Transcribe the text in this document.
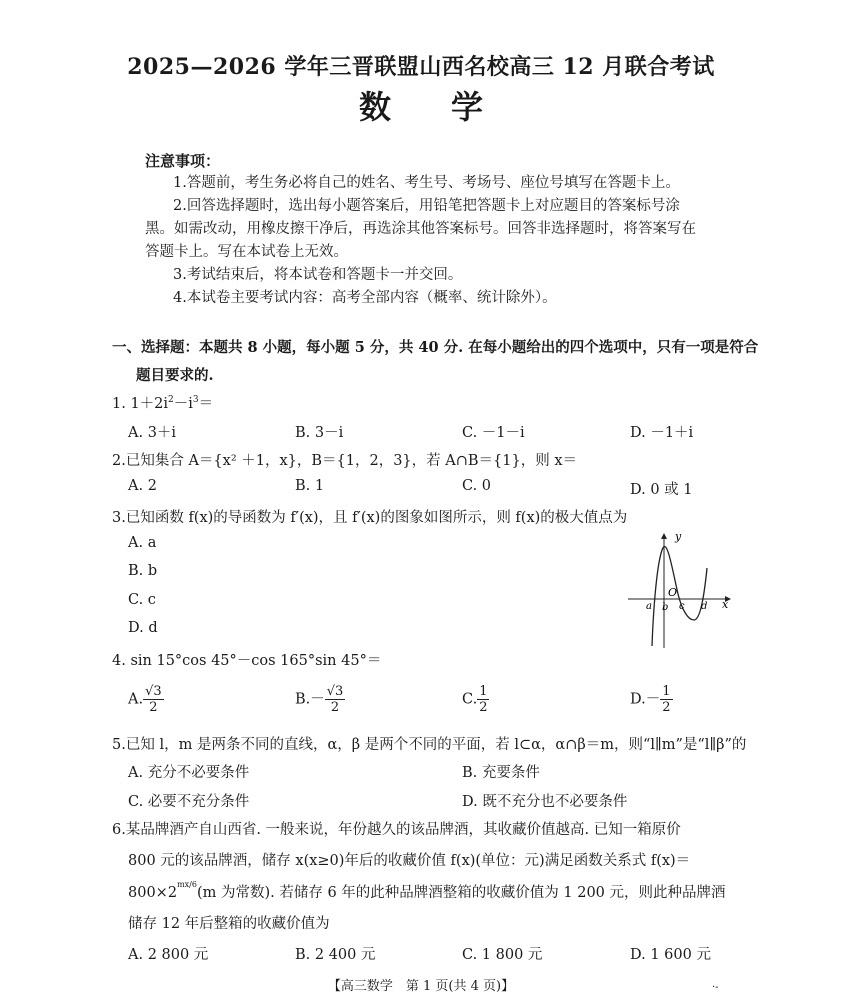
2025—2026 学年三晋联盟山西名校高三 12 月联合考试
数学
注意事项：
1.答题前，考生务必将自己的姓名、考生号、考场号、座位号填写在答题卡上。
2.回答选择题时，选出每小题答案后，用铅笔把答题卡上对应题目的答案标号涂
黑。如需改动，用橡皮擦干净后，再选涂其他答案标号。回答非选择题时，将答案写在
答题卡上。写在本试卷上无效。
3.考试结束后，将本试卷和答题卡一并交回。
4.本试卷主要考试内容：高考全部内容（概率、统计除外）。
一、选择题：本题共 8 小题，每小题 5 分，共 40 分. 在每小题给出的四个选项中，只有一项是符合
题目要求的.
1. $1+2i^2-i^3=$
A. 3＋i	B. 3－i	C. －1－i	D. －1＋i
2.已知集合 A＝{x² ＋1，x}，B＝{1，2，3}，若 A∩B＝{1}，则 x＝
A. 2	B. 1	C. 0	D. 0 或 1
3.已知函数 f(x)的导函数为 f′(x)，且 f′(x)的图象如图所示，则 f(x)的极大值点为
A. a
B. b
C. c
D. d
y
x
O
a b c d
4. sin 15°cos 45°－cos 165°sin 45°＝
A. $\frac{√3}{2}$	$B.- \frac{√3}{2}$	C. $\frac{1}{2}$	$D.- \frac{1}{2}$
5.已知 l，m 是两条不同的直线，α，β 是两个不同的平面，若 l⊂α，α∩β＝m，则“l∥m”是“l∥β”的
A. 充分不必要条件	B. 充要条件
C. 必要不充分条件	D. 既不充分也不必要条件
6.某品牌酒产自山西省. 一般来说，年份越久的该品牌酒，其收藏价值越高. 已知一箱原价
800 元的该品牌酒，储存 x(x≥0)年后的收藏价值 f(x)(单位：元)满足函数关系式 f(x)＝
$800\times 2^{mx/6}(m$ 为常数). 若储存 6 年的此种品牌酒整箱的收藏价值为 1 200 元，则此种品牌酒
储存 12 年后整箱的收藏价值为
A. 2 800 元	B. 2 400 元	C. 1 800 元	D. 1 600 元
【高三数学　第 1 页(共 4 页)】	·-
